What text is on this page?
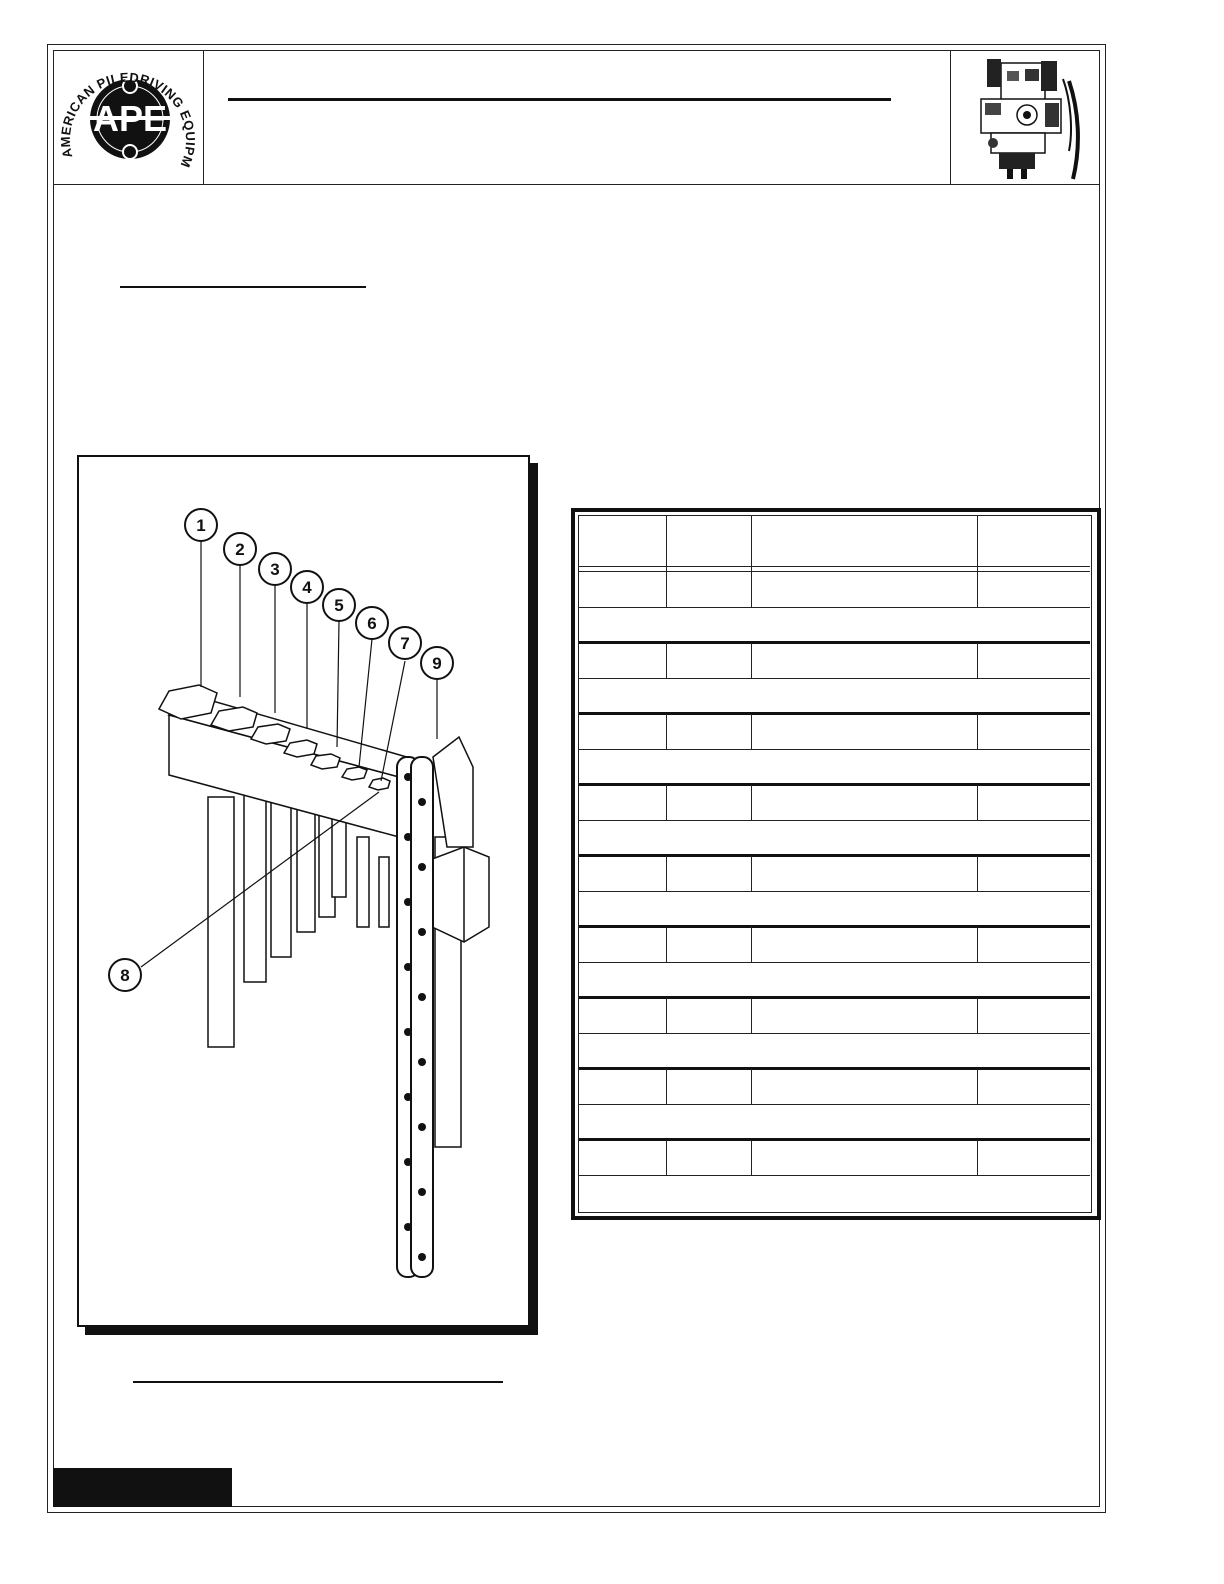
APE
AMERICAN PILEDRIVING EQUIPM
1
2
3
4
5
6
7
8
9
